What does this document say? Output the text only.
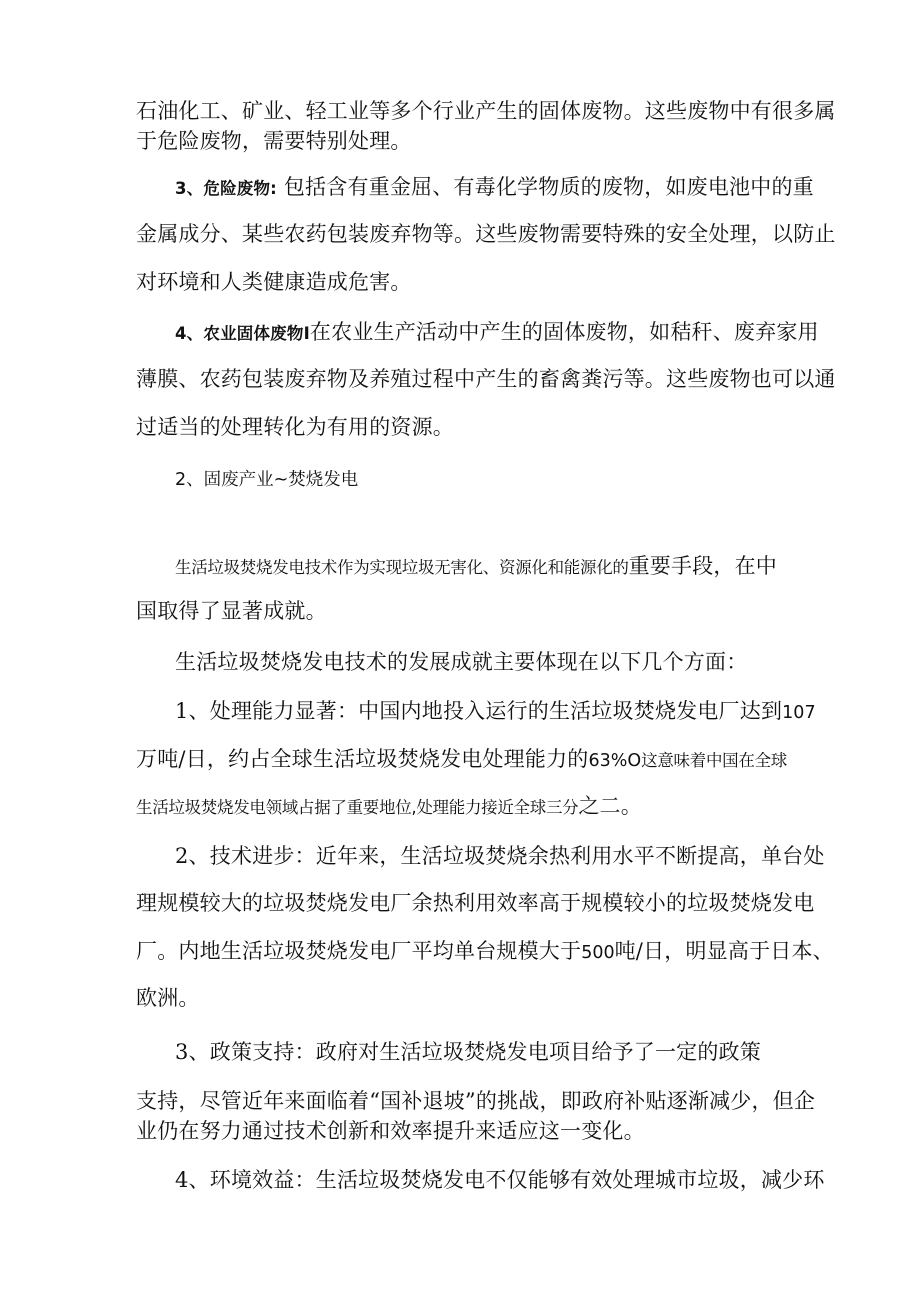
石油化工、矿业、轻工业等多个行业产生的固体废物。这些废物中有很多属
于危险废物，需要特别处理。
3、危险废物: 包括含有重金屈、有毒化学物质的废物，如废电池中的重
金属成分、某些农药包装废弃物等。这些废物需要特殊的安全处理，以防止
对环境和人类健康造成危害。
4、农业固体废物I在农业生产活动中产生的固体废物，如秸秆、废弃家用
薄膜、农药包装废弃物及养殖过程中产生的畜禽粪污等。这些废物也可以通
过适当的处理转化为有用的资源。
2、固废产业~焚烧发电
生活垃圾焚烧发电技术作为实现垃圾无害化、资源化和能源化的重要手段，在中
国取得了显著成就。
生活垃圾焚烧发电技术的发展成就主要体现在以下几个方面：
1、处理能力显著：中国内地投入运行的生活垃圾焚烧发电厂达到107
万吨/日，约占全球生活垃圾焚烧发电处理能力的63%O这意味着中国在全球
生活垃圾焚烧发电领域占据了重要地位,处理能力接近全球三分之二。
2、技术进步：近年来，生活垃圾焚烧余热利用水平不断提高，单台处
理规模较大的垃圾焚烧发电厂余热利用效率高于规模较小的垃圾焚烧发电
厂。内地生活垃圾焚烧发电厂平均单台规模大于500吨/日，明显高于日本、
欧洲。
3、政策支持：政府对生活垃圾焚烧发电项目给予了一定的政策
支持，尽管近年来面临着“国补退坡”的挑战，即政府补贴逐渐减少，但企
业仍在努力通过技术创新和效率提升来适应这一变化。
4、环境效益：生活垃圾焚烧发电不仅能够有效处理城市垃圾，减少环
